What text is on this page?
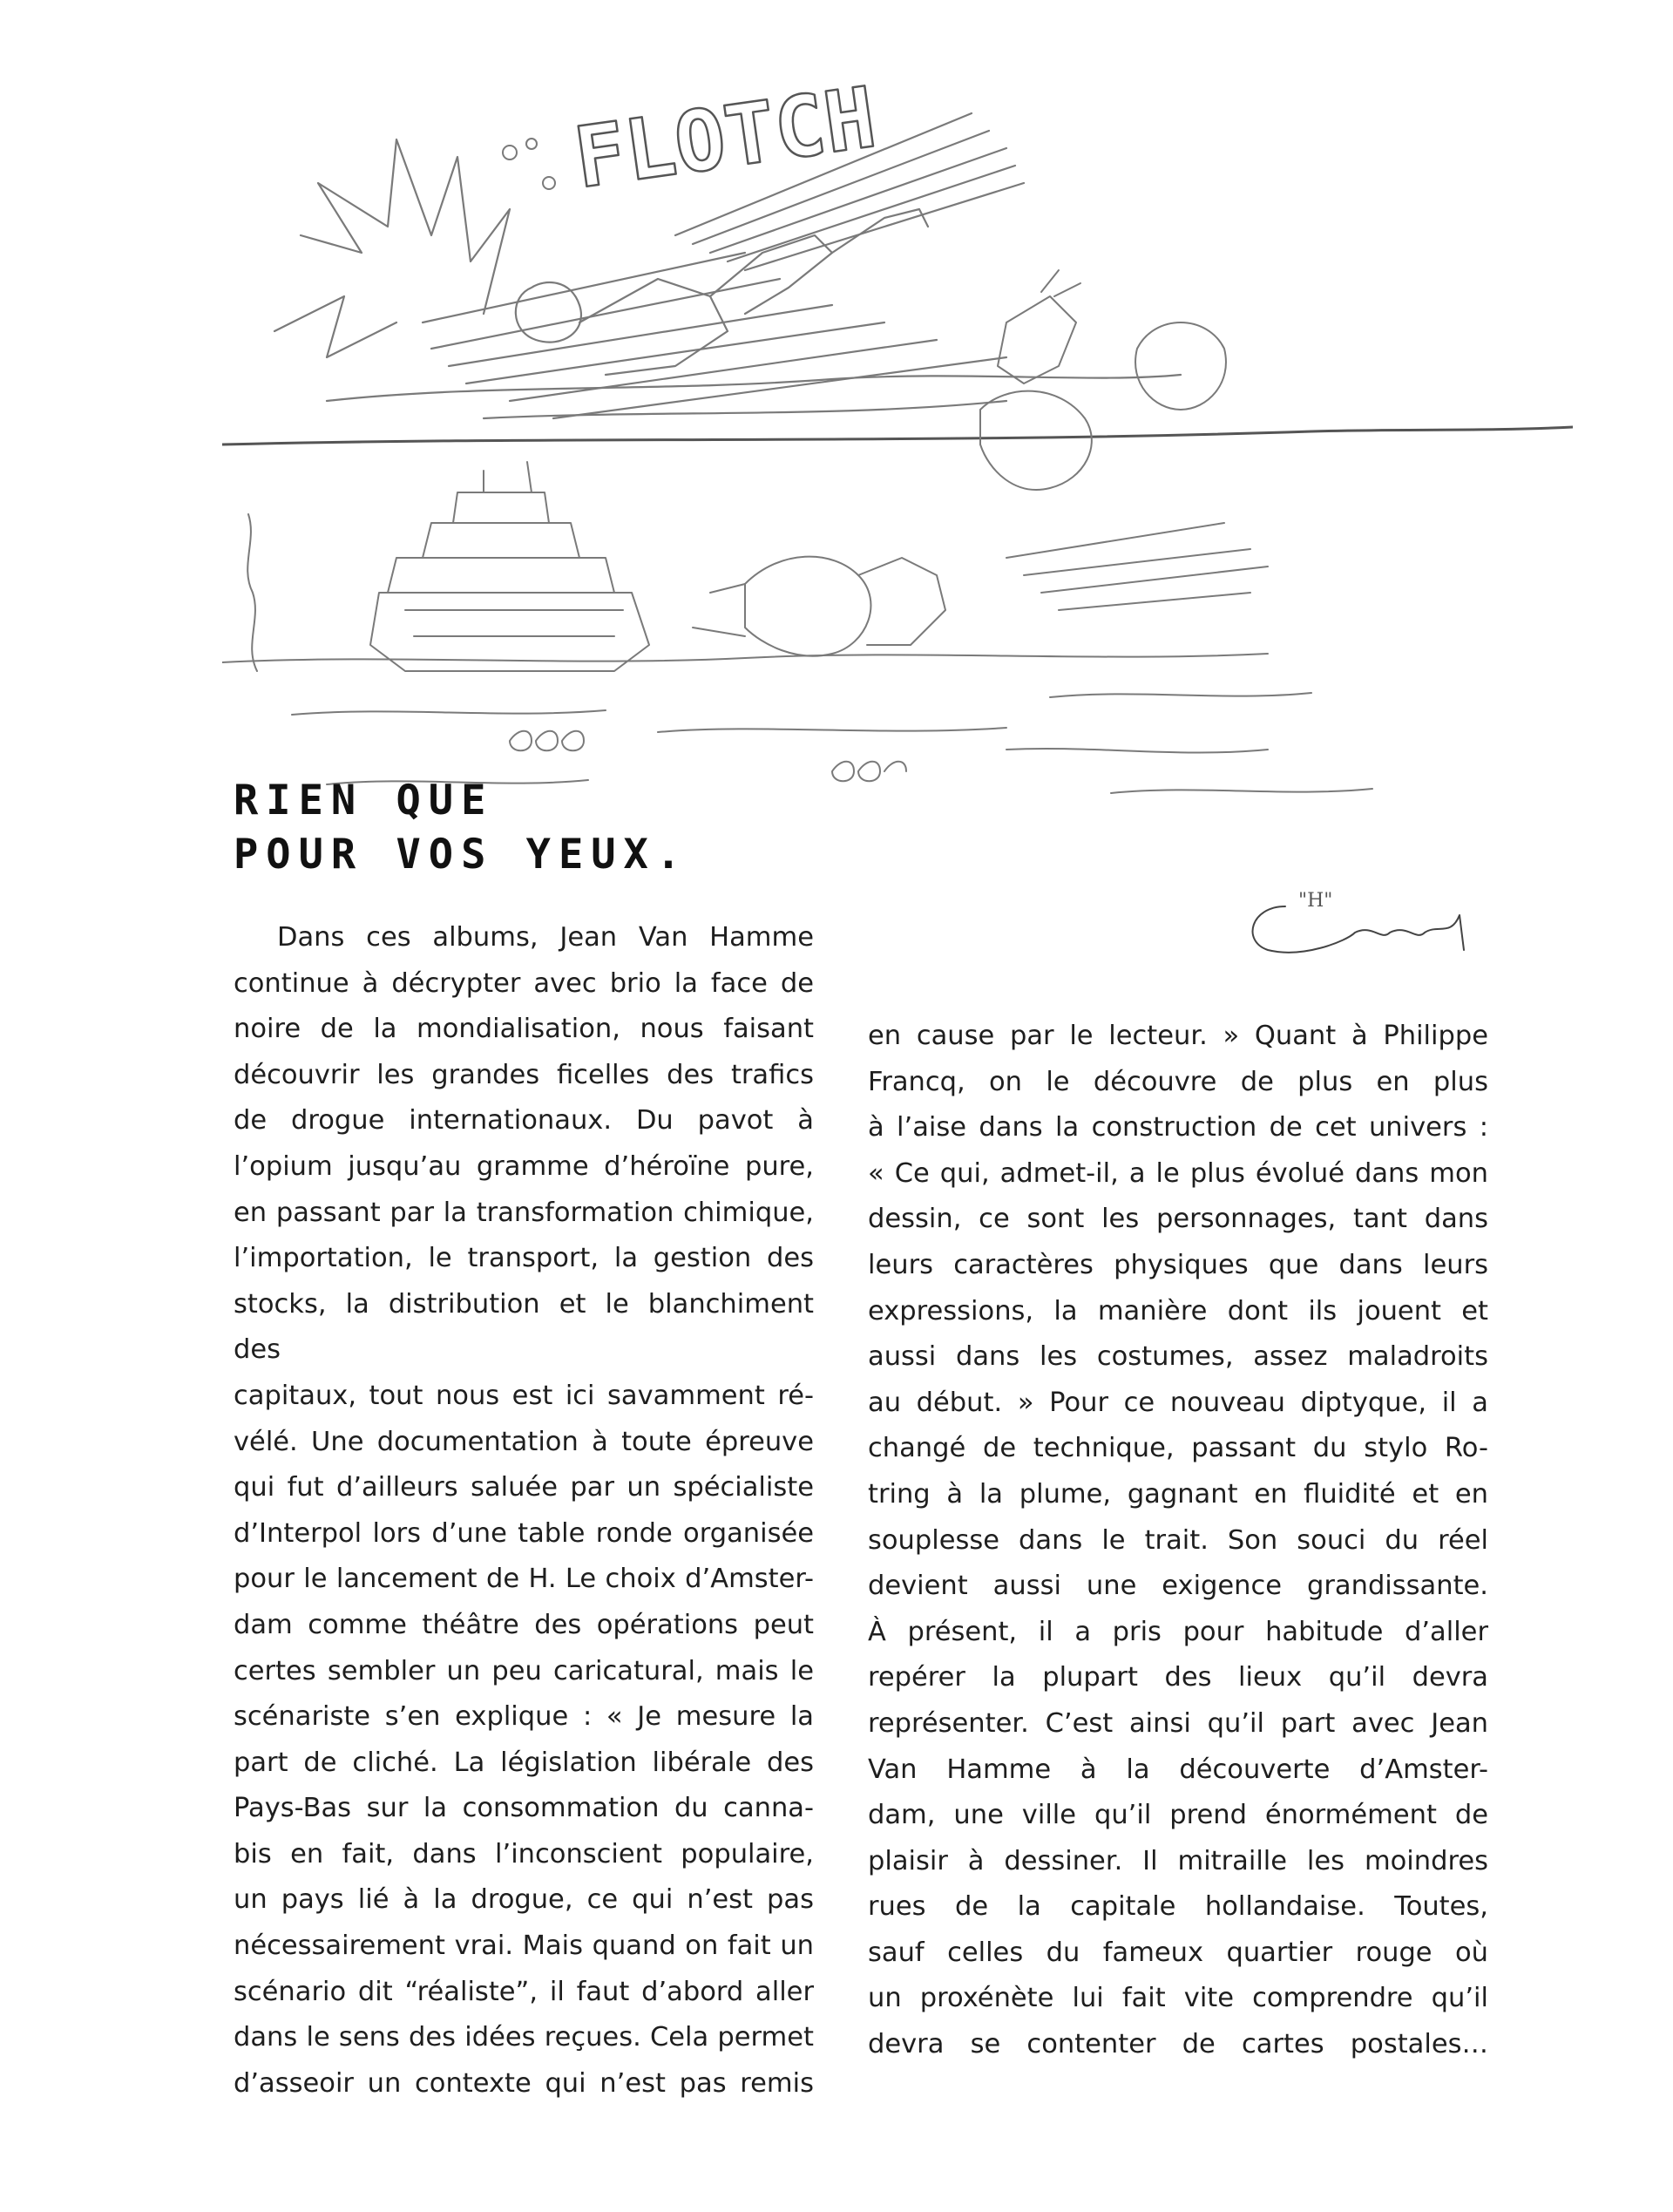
FLOTCH
"H"
RIEN QUE
POUR VOS YEUX.
Dans ces albums, Jean Van Hamme
continue à décrypter avec brio la face de
noire de la mondialisation, nous faisant
découvrir les grandes ficelles des trafics
de drogue internationaux. Du pavot à
l’opium jusqu’au gramme d’héroïne pure,
en passant par la transformation chimique,
l’importation, le transport, la gestion des
stocks, la distribution et le blanchiment des
capitaux, tout nous est ici savamment ré-
vélé. Une documentation à toute épreuve
qui fut d’ailleurs saluée par un spécialiste
d’Interpol lors d’une table ronde organisée
pour le lancement de H. Le choix d’Amster-
dam comme théâtre des opérations peut
certes sembler un peu caricatural, mais le
scénariste s’en explique : « Je mesure la
part de cliché. La législation libérale des
Pays-Bas sur la consommation du canna-
bis en fait, dans l’inconscient populaire,
un pays lié à la drogue, ce qui n’est pas
nécessairement vrai. Mais quand on fait un
scénario dit “réaliste”, il faut d’abord aller
dans le sens des idées reçues. Cela permet
d’asseoir un contexte qui n’est pas remis
en cause par le lecteur. » Quant à Philippe
Francq, on le découvre de plus en plus
à l’aise dans la construction de cet univers :
« Ce qui, admet-il, a le plus évolué dans mon
dessin, ce sont les personnages, tant dans
leurs caractères physiques que dans leurs
expressions, la manière dont ils jouent et
aussi dans les costumes, assez maladroits
au début. » Pour ce nouveau diptyque, il a
changé de technique, passant du stylo Ro-
tring à la plume, gagnant en fluidité et en
souplesse dans le trait. Son souci du réel
devient aussi une exigence grandissante.
À présent, il a pris pour habitude d’aller
repérer la plupart des lieux qu’il devra
représenter. C’est ainsi qu’il part avec Jean
Van Hamme à la découverte d’Amster-
dam, une ville qu’il prend énormément de
plaisir à dessiner. Il mitraille les moindres
rues de la capitale hollandaise. Toutes,
sauf celles du fameux quartier rouge où
un proxénète lui fait vite comprendre qu’il
devra se contenter de cartes postales…
